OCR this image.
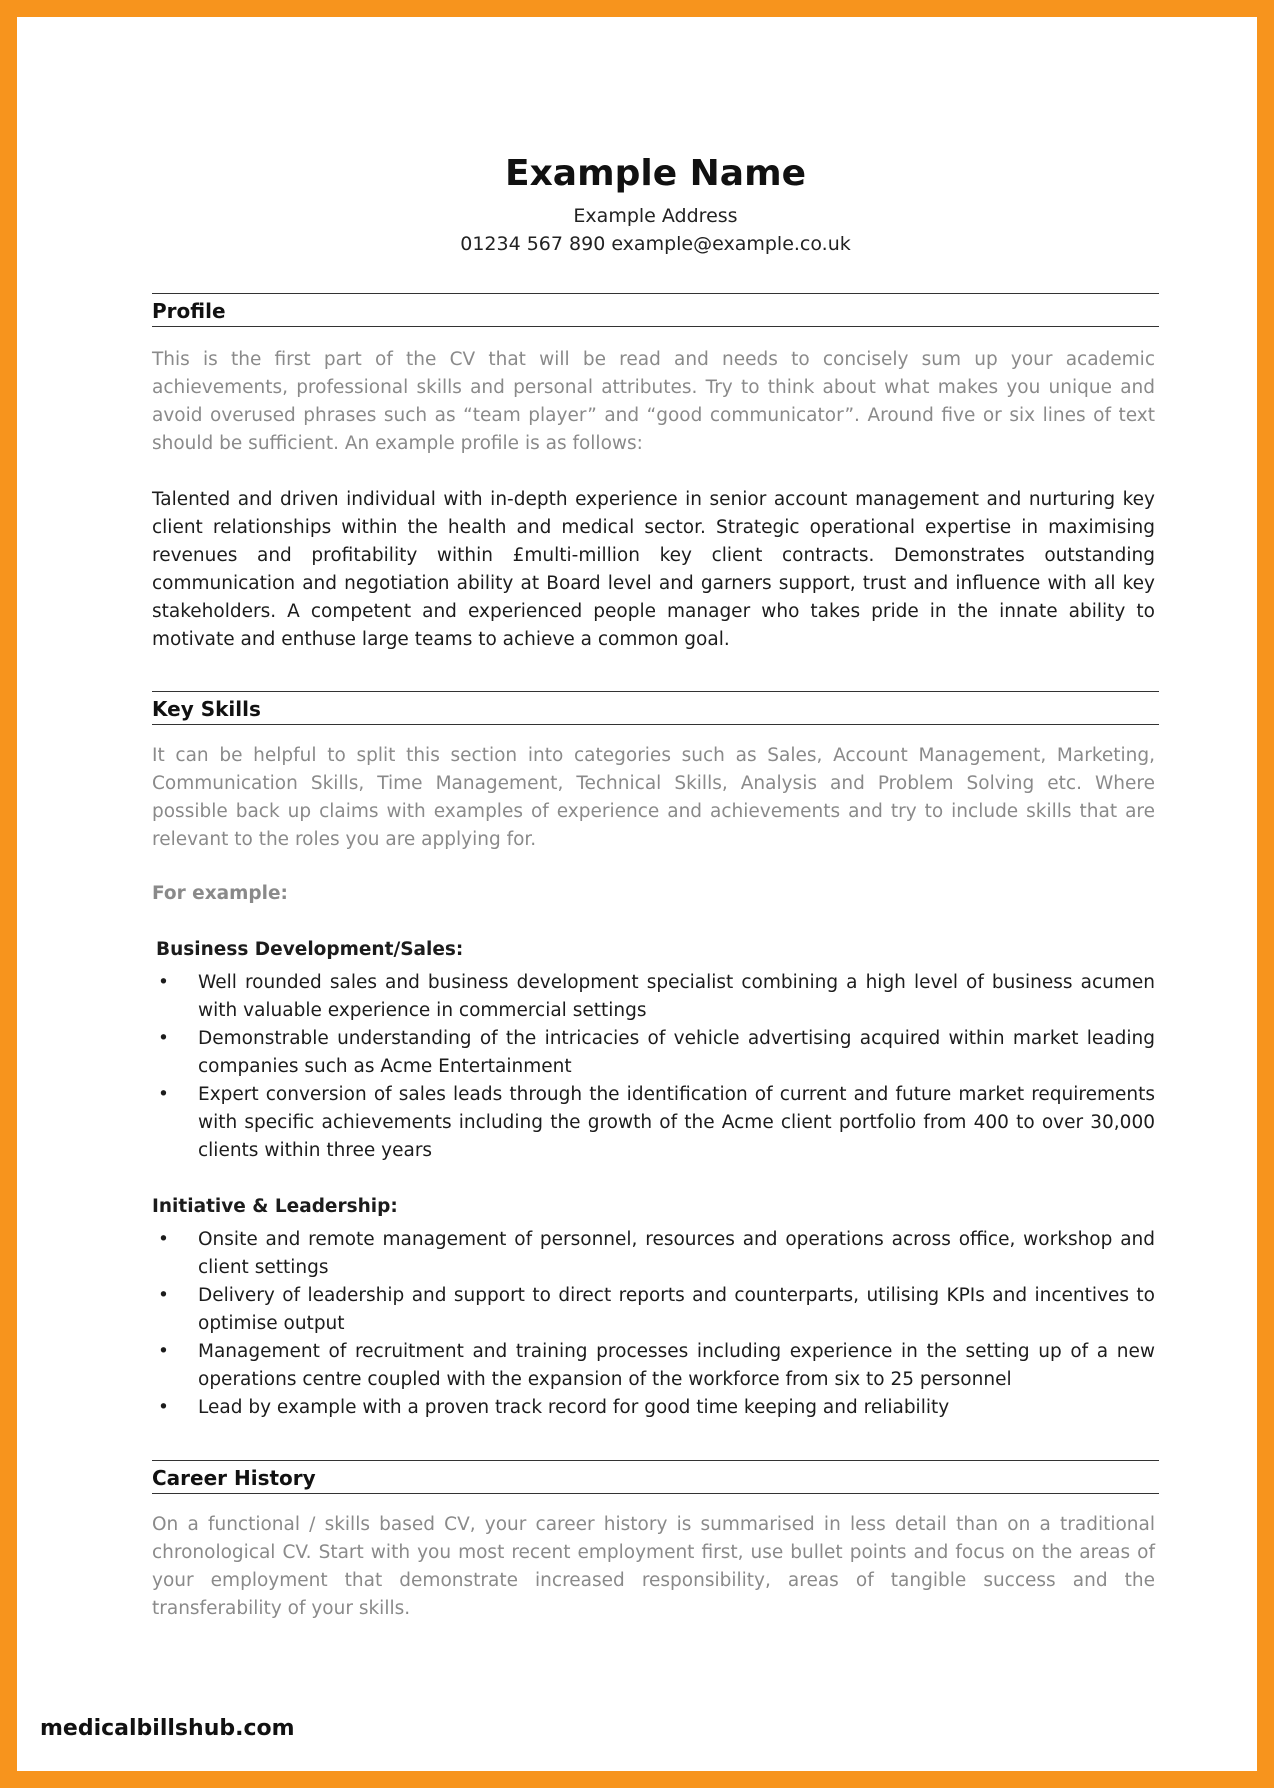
Example Name

Example Address

01234 567 890 example@example.co.uk

Profile

This is the first part of the CV that will be read and needs to concisely sum up your academic achievements, professional skills and personal attributes. Try to think about what makes you unique and avoid overused phrases such as “team player” and “good communicator”. Around five or six lines of text should be sufficient. An example profile is as follows:

Talented and driven individual with in-depth experience in senior account management and nurturing key client relationships within the health and medical sector. Strategic operational expertise in maximising revenues and profitability within £multi-million key client contracts. Demonstrates outstanding communication and negotiation ability at Board level and garners support, trust and influence with all key stakeholders. A competent and experienced people manager who takes pride in the innate ability to motivate and enthuse large teams to achieve a common goal.

Key Skills

It can be helpful to split this section into categories such as Sales, Account Management, Marketing, Communication Skills, Time Management, Technical Skills, Analysis and Problem Solving etc. Where possible back up claims with examples of experience and achievements and try to include skills that are relevant to the roles you are applying for.

For example:

Business Development/Sales:

• Well rounded sales and business development specialist combining a high level of business acumen with valuable experience in commercial settings
• Demonstrable understanding of the intricacies of vehicle advertising acquired within market leading companies such as Acme Entertainment
• Expert conversion of sales leads through the identification of current and future market requirements with specific achievements including the growth of the Acme client portfolio from 400 to over 30,000 clients within three years

Initiative & Leadership:

• Onsite and remote management of personnel, resources and operations across office, workshop and client settings
• Delivery of leadership and support to direct reports and counterparts, utilising KPIs and incentives to optimise output
• Management of recruitment and training processes including experience in the setting up of a new operations centre coupled with the expansion of the workforce from six to 25 personnel
• Lead by example with a proven track record for good time keeping and reliability
Career History

On a functional / skills based CV, your career history is summarised in less detail than on a traditional chronological CV. Start with you most recent employment first, use bullet points and focus on the areas of your employment that demonstrate increased responsibility, areas of tangible success and the transferability of your skills.

medicalbillshub.com
